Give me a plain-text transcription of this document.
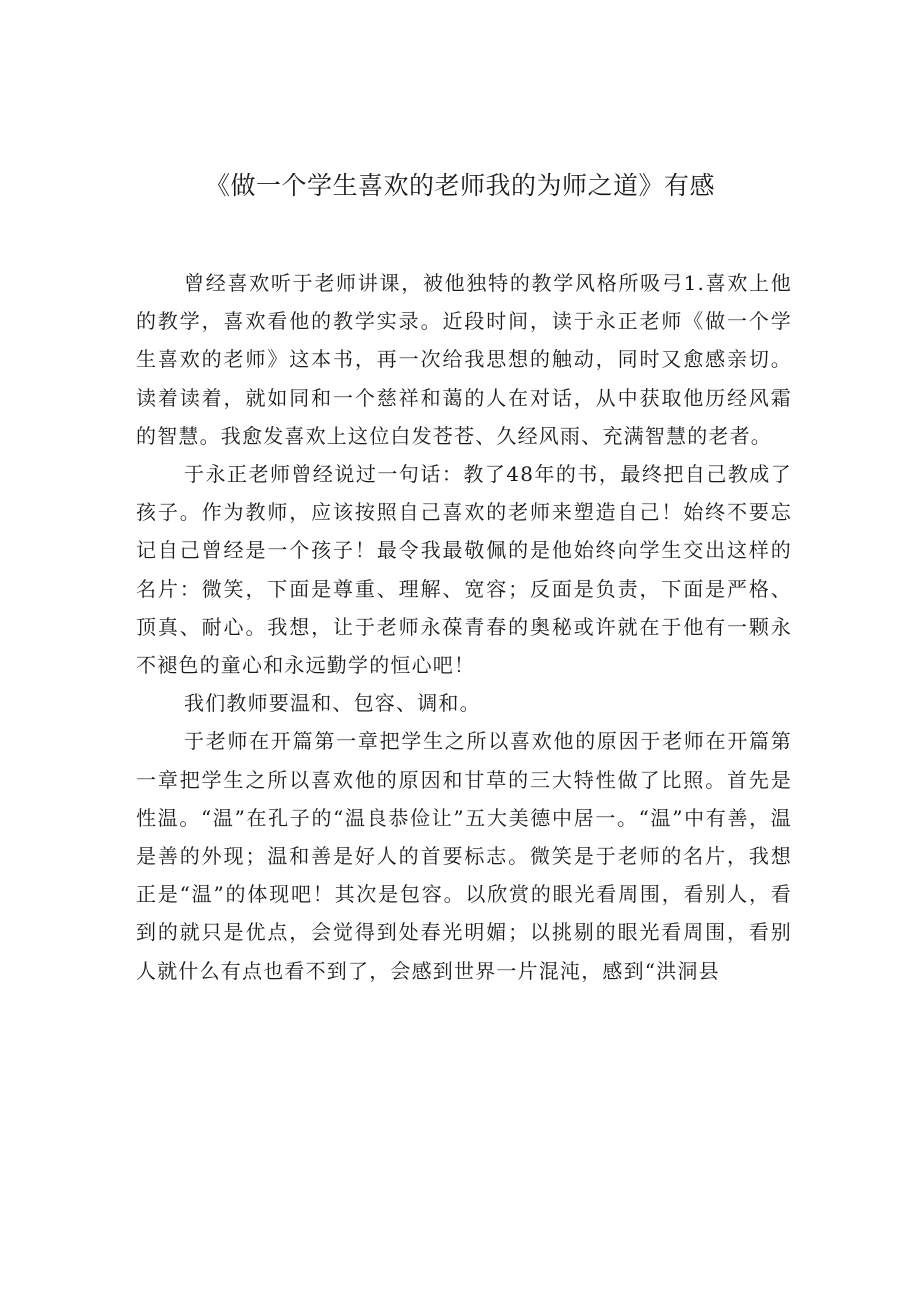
《做一个学生喜欢的老师我的为师之道》有感

曾经喜欢听于老师讲课，被他独特的教学风格所吸弓1.喜欢上他的教学，喜欢看他的教学实录。近段时间，读于永正老师《做一个学生喜欢的老师》这本书，再一次给我思想的触动，同时又愈感亲切。读着读着，就如同和一个慈祥和蔼的人在对话，从中获取他历经风霜的智慧。我愈发喜欢上这位白发苍苍、久经风雨、充满智慧的老者。

于永正老师曾经说过一句话：教了48年的书，最终把自己教成了孩子。作为教师，应该按照自己喜欢的老师来塑造自己！始终不要忘记自己曾经是一个孩子！最令我最敬佩的是他始终向学生交出这样的名片：微笑，下面是尊重、理解、宽容；反面是负责，下面是严格、顶真、耐心。我想，让于老师永葆青春的奥秘或许就在于他有一颗永不褪色的童心和永远勤学的恒心吧！

我们教师要温和、包容、调和。

于老师在开篇第一章把学生之所以喜欢他的原因于老师在开篇第一章把学生之所以喜欢他的原因和甘草的三大特性做了比照。首先是性温。“温”在孔子的“温良恭俭让”五大美德中居一。“温”中有善，温是善的外现；温和善是好人的首要标志。微笑是于老师的名片，我想正是“温”的体现吧！其次是包容。以欣赏的眼光看周围，看别人，看到的就只是优点，会觉得到处春光明媚；以挑剔的眼光看周围，看别人就什么有点也看不到了，会感到世界一片混沌，感到“洪洞县
